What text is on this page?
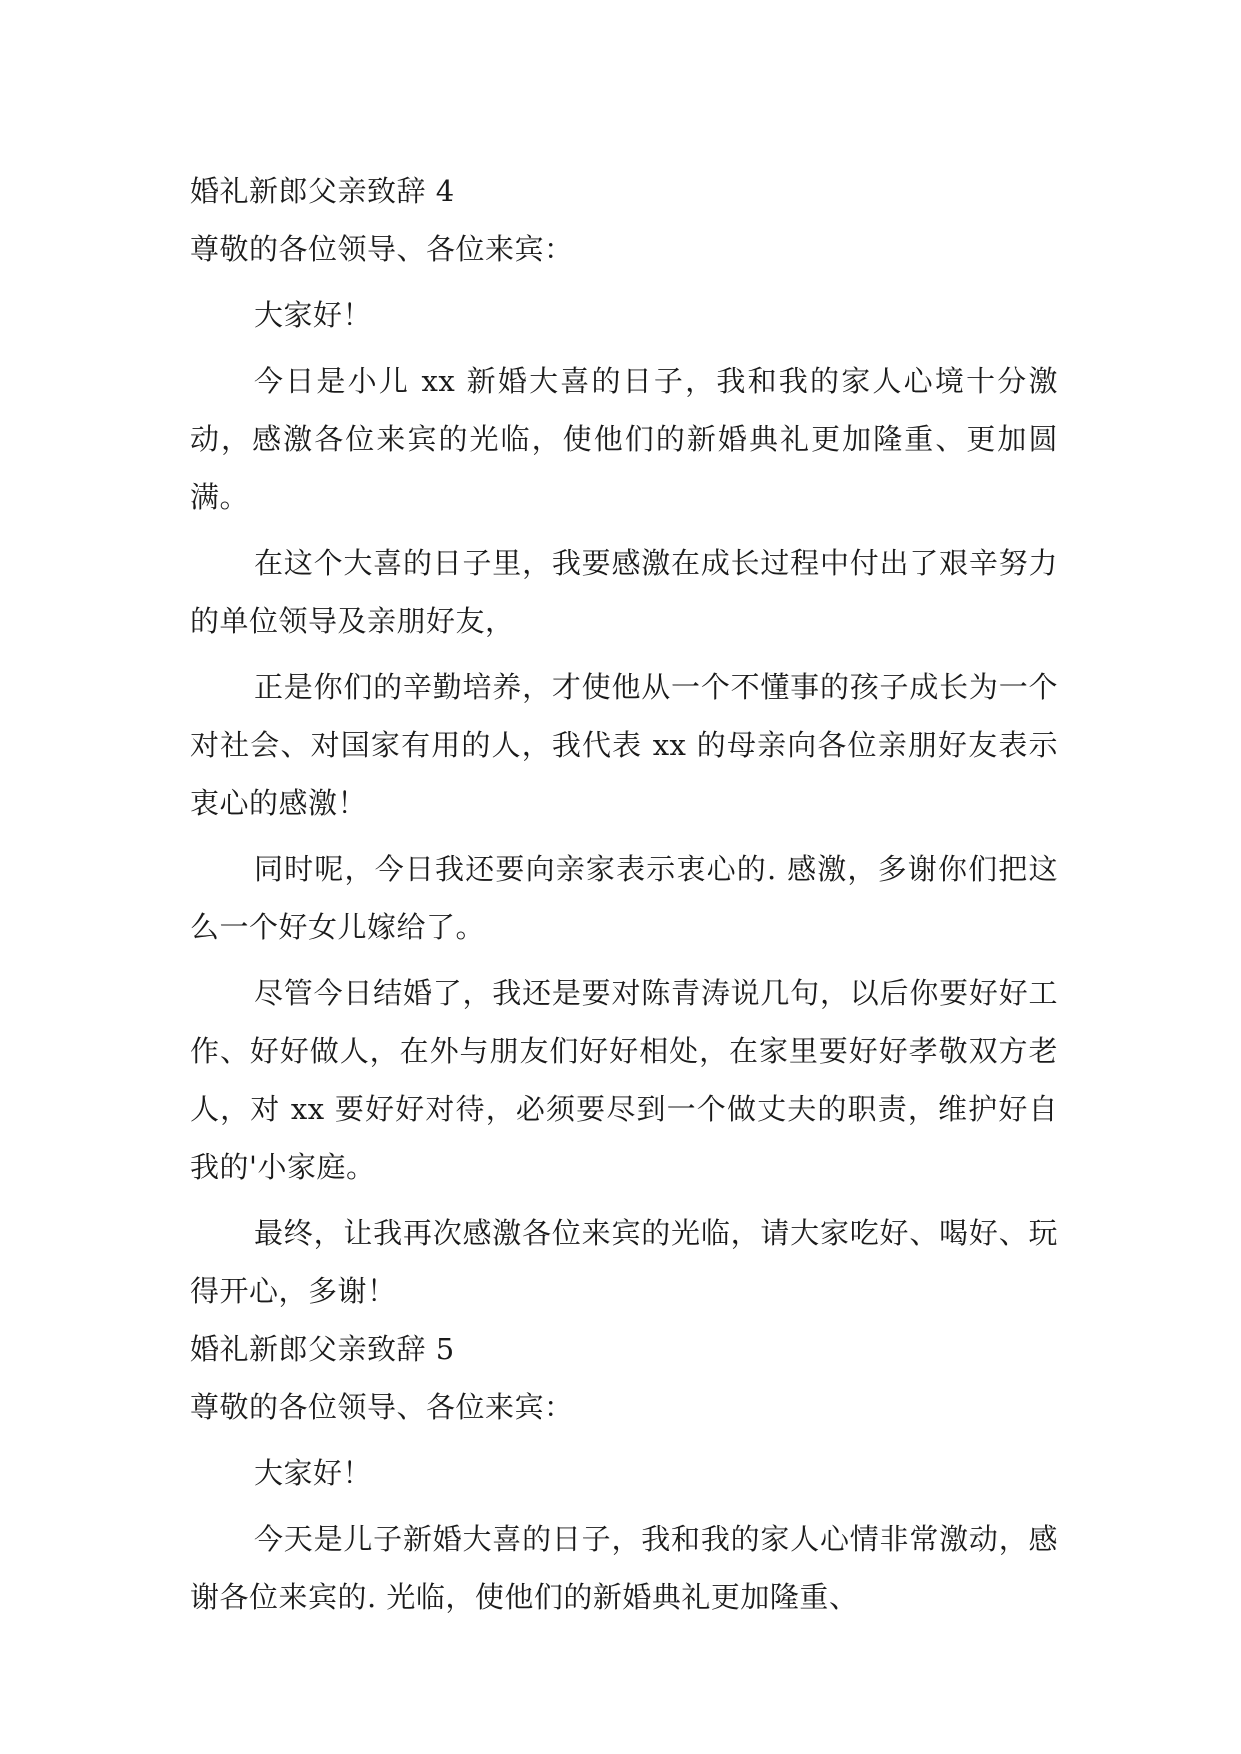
婚礼新郎父亲致辞 4
尊敬的各位领导、各位来宾：
大家好！
今日是小儿 xx 新婚大喜的日子，我和我的家人心境十分激动，感激各位来宾的光临，使他们的新婚典礼更加隆重、更加圆满。
在这个大喜的日子里，我要感激在成长过程中付出了艰辛努力的单位领导及亲朋好友，
正是你们的辛勤培养，才使他从一个不懂事的孩子成长为一个对社会、对国家有用的人，我代表 xx 的母亲向各位亲朋好友表示衷心的感激！
同时呢，今日我还要向亲家表示衷心的. 感激，多谢你们把这么一个好女儿嫁给了。
尽管今日结婚了，我还是要对陈青涛说几句，以后你要好好工作、好好做人，在外与朋友们好好相处，在家里要好好孝敬双方老人，对 xx 要好好对待，必须要尽到一个做丈夫的职责，维护好自我的'小家庭。
最终，让我再次感激各位来宾的光临，请大家吃好、喝好、玩得开心，多谢！
婚礼新郎父亲致辞 5
尊敬的各位领导、各位来宾：
大家好！
今天是儿子新婚大喜的日子，我和我的家人心情非常激动，感谢各位来宾的. 光临，使他们的新婚典礼更加隆重、
